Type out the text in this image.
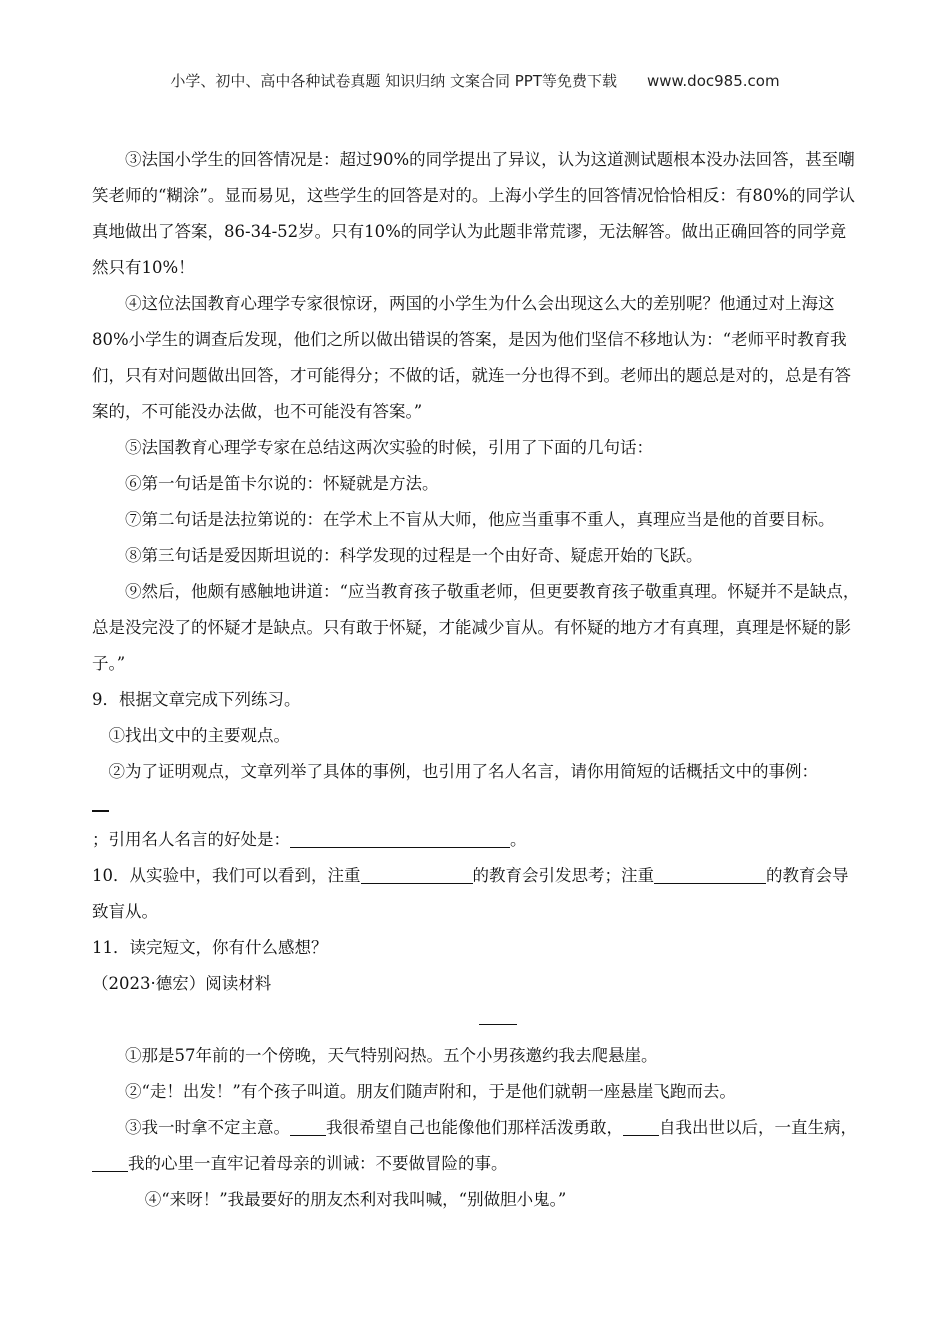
小学、初中、高中各种试卷真题 知识归纳 文案合同 PPT等免费下载 www.doc985.com

③法国小学生的回答情况是：超过90%的同学提出了异议，认为这道测试题根本没办法回答，甚至嘲笑老师的“糊涂”。显而易见，这些学生的回答是对的。上海小学生的回答情况恰恰相反：有80%的同学认真地做出了答案，86-34-52岁。只有10%的同学认为此题非常荒谬，无法解答。做出正确回答的同学竟然只有10%！

④这位法国教育心理学专家很惊讶，两国的小学生为什么会出现这么大的差别呢？他通过对上海这80%小学生的调查后发现，他们之所以做出错误的答案，是因为他们坚信不移地认为：“老师平时教育我们，只有对问题做出回答，才可能得分；不做的话，就连一分也得不到。老师出的题总是对的，总是有答案的，不可能没办法做，也不可能没有答案。”

⑤法国教育心理学专家在总结这两次实验的时候，引用了下面的几句话：

⑥第一句话是笛卡尔说的：怀疑就是方法。

⑦第二句话是法拉第说的：在学术上不盲从大师，他应当重事不重人，真理应当是他的首要目标。

⑧第三句话是爱因斯坦说的：科学发现的过程是一个由好奇、疑虑开始的飞跃。

⑨然后，他颇有感触地讲道：“应当教育孩子敬重老师，但更要教育孩子敬重真理。怀疑并不是缺点，总是没完没了的怀疑才是缺点。只有敢于怀疑，才能减少盲从。有怀疑的地方才有真理，真理是怀疑的影子。”

9．根据文章完成下列练习。

①找出文中的主要观点。

②为了证明观点，文章列举了具体的事例，也引用了名人名言，请你用简短的话概括文中的事例：

；引用名人名言的好处是：	。

10．从实验中，我们可以看到，注重	的教育会引发思考；注重	的教育会导致盲从。

11．读完短文，你有什么感想？

（2023·德宏）阅读材料

①那是57年前的一个傍晚，天气特别闷热。五个小男孩邀约我去爬悬崖。

②“走！出发！”有个孩子叫道。朋友们随声附和，于是他们就朝一座悬崖飞跑而去。

③我一时拿不定主意。 我很希望自己也能像他们那样活泼勇敢， 自我出世以后，一直生病，我的心里一直牢记着母亲的训诫：不要做冒险的事。

④“来呀！”我最要好的朋友杰利对我叫喊，“别做胆小鬼。”
